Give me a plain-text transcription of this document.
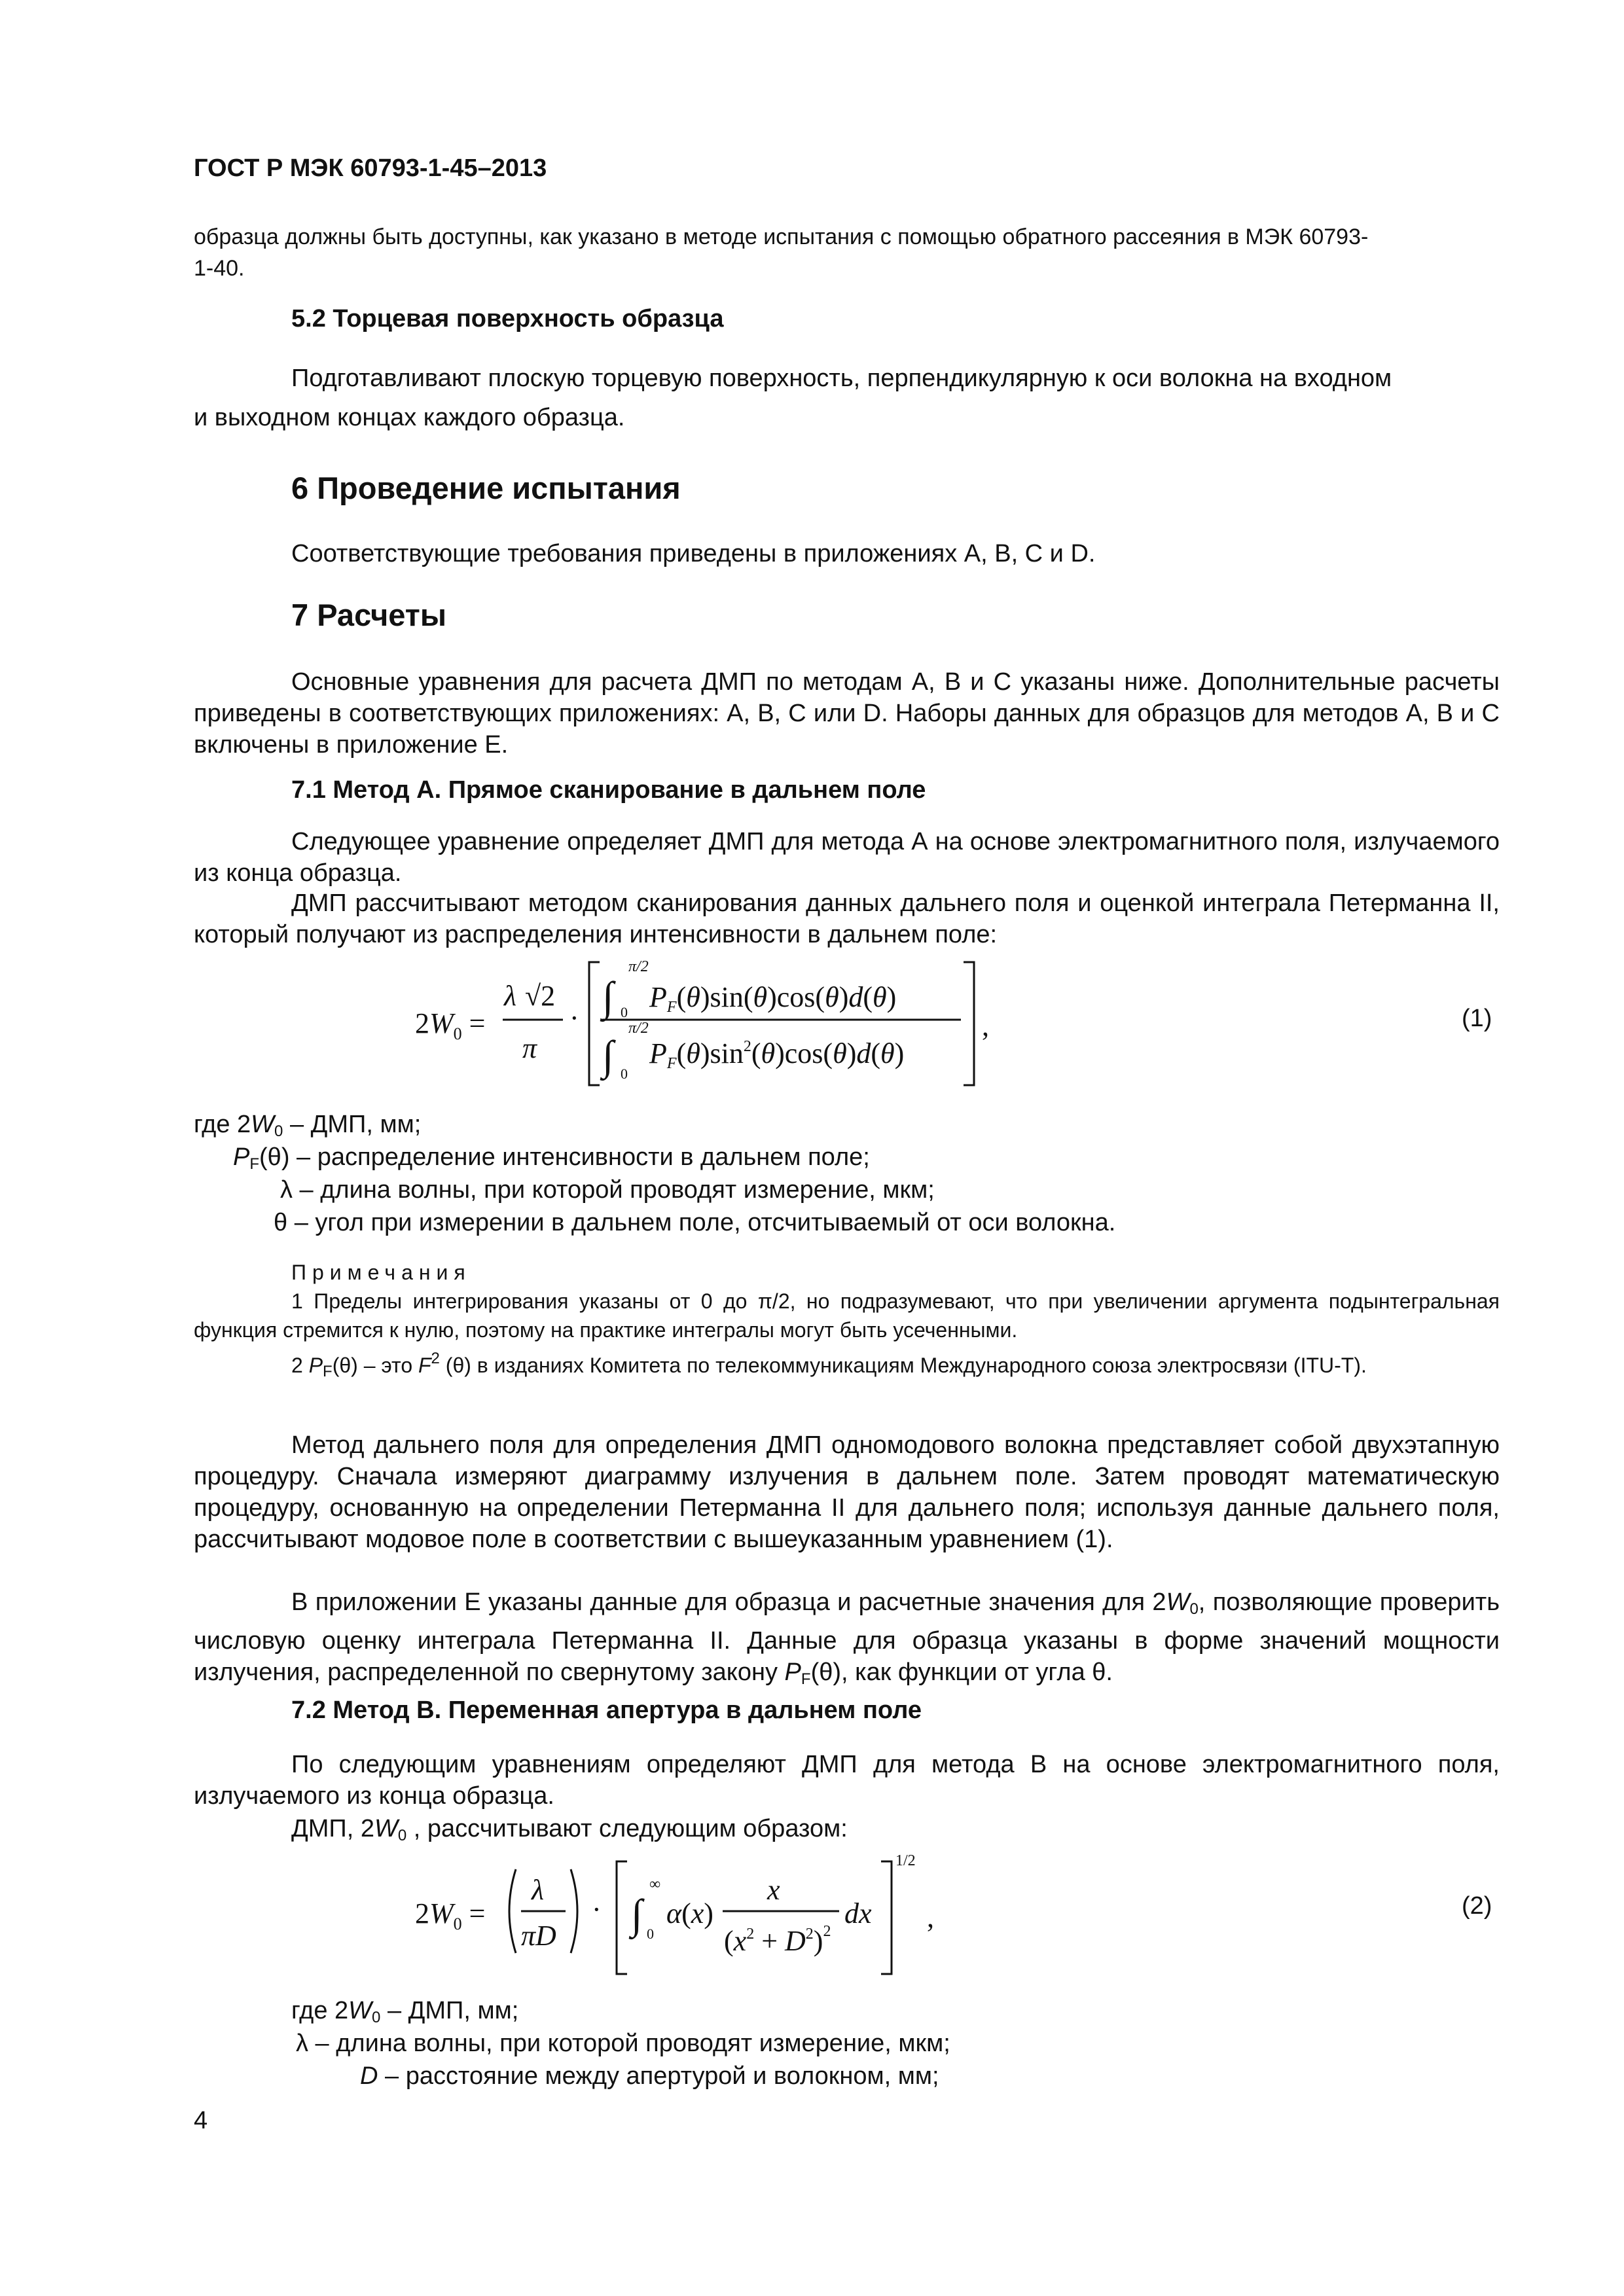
ГОСТ Р МЭК 60793-1-45–2013
образца должны быть доступны, как указано в методе испытания с помощью обратного рассеяния в МЭК 60793-
1-40.
5.2 Торцевая поверхность образца
Подготавливают плоскую торцевую поверхность, перпендикулярную к оси волокна на входном
и выходном концах каждого образца.
6 Проведение испытания
Соответствующие требования приведены в приложениях А, В, С и D.
7 Расчеты
Основные уравнения для расчета ДМП по методам А, В и С указаны ниже. Дополнительные расчеты приведены в соответствующих приложениях: А, В, С или D. Наборы данных для образцов для методов А, В и С включены в приложение Е.
7.1 Метод А. Прямое сканирование в дальнем поле
Следующее уравнение определяет ДМП для метода А на основе электромагнитного поля, излучаемого из конца образца.
ДМП рассчитывают методом сканирования данных дальнего поля и оценкой интеграла Петерманна II, который получают из распределения интенсивности в дальнем поле:
$2W_0$ =
λ √2
π
· ∫
π/2
0 PF(θ)sin(θ)cos(θ)d(θ)
∫
π/2
0
$PF(\theta)\sin^2(\theta)\cos(\theta)d(\theta)$
,	(1)
где $2W_0$ – ДМП, мм;
$P_F(\theta)$ – распределение интенсивности в дальнем поле;
λ – длина волны, при которой проводят измерение, мкм;
θ – угол при измерении в дальнем поле, отсчитываемый от оси волокна.
Примечания
1 Пределы интегрирования указаны от 0 до π/2, но подразумевают, что при увеличении аргумента подынтегральная функция стремится к нулю, поэтому на практике интегралы могут быть усеченными.
2 $P_F(\theta)$ – это $F^2$ (θ) в изданиях Комитета по телекоммуникациям Международного союза электросвязи (ITU-T).
Метод дальнего поля для определения ДМП одномодового волокна представляет собой двухэтапную процедуру. Сначала измеряют диаграмму излучения в дальнем поле. Затем проводят математическую процедуру, основанную на определении Петерманна II для дальнего поля; используя данные дальнего поля, рассчитывают модовое поле в соответствии с вышеуказанным уравнением (1).
В приложении Е указаны данные для образца и расчетные значения для $2W_0$, позволяющие проверить числовую оценку интеграла Петерманна II. Данные для образца указаны в форме значений мощности излучения, распределенной по свернутому закону $P_F(\theta)$, как функции от угла θ.
7.2 Метод В. Переменная апертура в дальнем поле
По следующим уравнениям определяют ДМП для метода В на основе электромагнитного поля, излучаемого из конца образца.
ДМП, $2W_0$ , рассчитывают следующим образом:
$2W_0$ =
λ
πD
· ∫
∞
0
α(x)
x
$(x^2 + D^2)^2$
dx
1/2
,	(2)
где $2W_0$ – ДМП, мм;
λ – длина волны, при которой проводят измерение, мкм;
D – расстояние между апертурой и волокном, мм;
4
